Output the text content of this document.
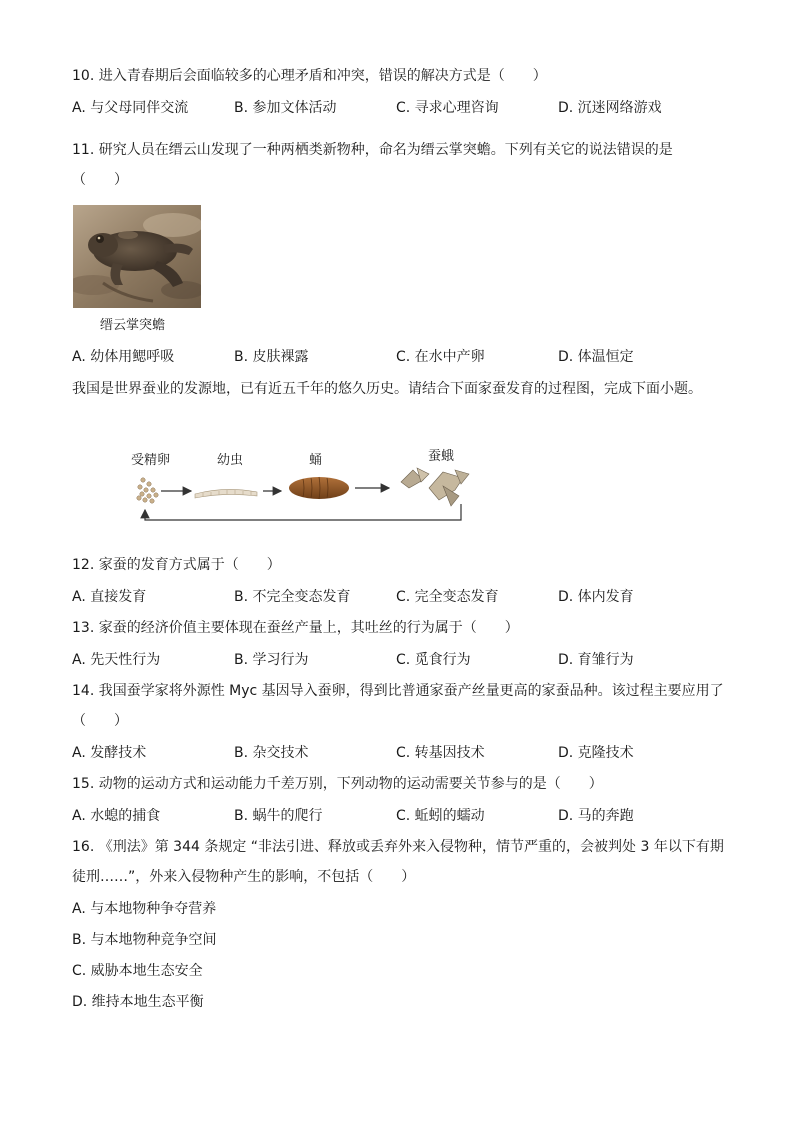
10. 进入青春期后会面临较多的心理矛盾和冲突，错误的解决方式是（　　）
A. 与父母同伴交流	B. 参加文体活动	C. 寻求心理咨询	D. 沉迷网络游戏
11. 研究人员在缙云山发现了一种两栖类新物种，命名为缙云掌突蟾。下列有关它的说法错误的是
（　　）
缙云掌突蟾
A. 幼体用鳃呼吸	B. 皮肤裸露	C. 在水中产卵	D. 体温恒定
我国是世界蚕业的发源地，已有近五千年的悠久历史。请结合下面家蚕发育的过程图，完成下面小题。
受精卵	幼虫	蛹	蚕蛾
12. 家蚕的发育方式属于（　　）
A. 直接发育	B. 不完全变态发育	C. 完全变态发育	D. 体内发育
13. 家蚕的经济价值主要体现在蚕丝产量上，其吐丝的行为属于（　　）
A. 先天性行为	B. 学习行为	C. 觅食行为	D. 育雏行为
14. 我国蚕学家将外源性 Myc 基因导入蚕卵，得到比普通家蚕产丝量更高的家蚕品种。该过程主要应用了
（　　）
A. 发酵技术	B. 杂交技术	C. 转基因技术	D. 克隆技术
15. 动物的运动方式和运动能力千差万别，下列动物的运动需要关节参与的是（　　）
A. 水螅的捕食	B. 蜗牛的爬行	C. 蚯蚓的蠕动	D. 马的奔跑
16. 《刑法》第 344 条规定 “非法引进、释放或丢弃外来入侵物种，情节严重的，会被判处 3 年以下有期
徒刑……”，外来入侵物种产生的影响，不包括（　　）
A. 与本地物种争夺营养
B. 与本地物种竞争空间
C. 威胁本地生态安全
D. 维持本地生态平衡
